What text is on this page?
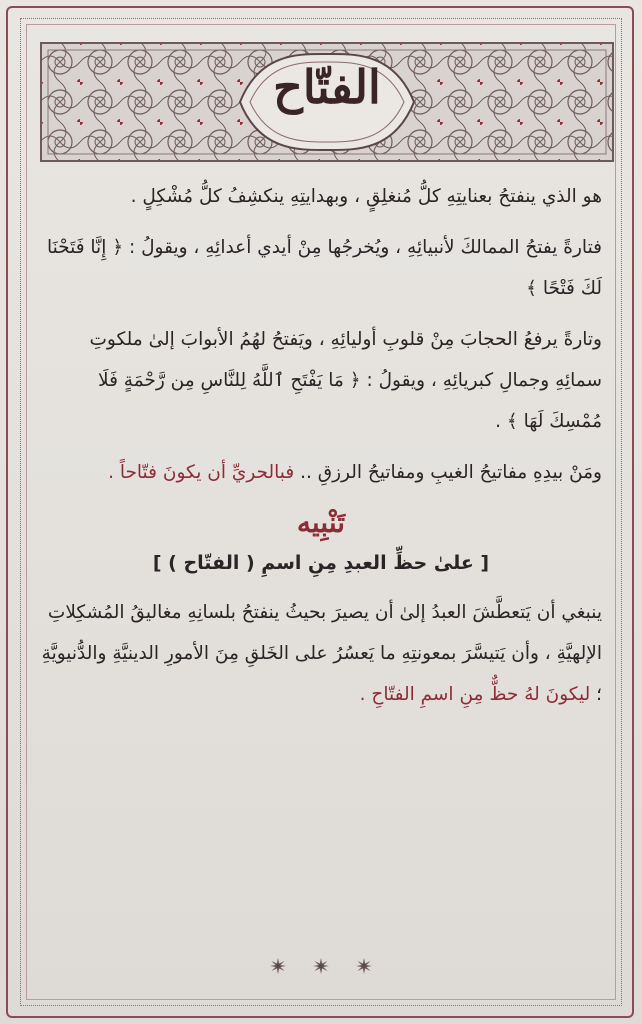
الفتّاح

هو الذي ينفتحُ بعنايتِهِ كلُّ مُنغلِقٍ ، وبهدايتِهِ ينكشِفُ كلُّ مُشْكِلٍ .

فتارةً يفتحُ الممالكَ لأنبيائِهِ ، ويُخرجُها مِنْ أيدي أعدائِهِ ، ويقولُ : ﴿ إِنَّا فَتَحْنَا لَكَ فَتْحًا ﴾

وتارةً يرفعُ الحجابَ مِنْ قلوبِ أوليائِهِ ، ويَفتحُ لهُمُ الأبوابَ إلىٰ ملكوتِ سمائِهِ وجمالِ كبريائِهِ ، ويقولُ : ﴿ مَا يَفْتَحِ ٱللَّهُ لِلنَّاسِ مِن رَّحْمَةٍ فَلَا مُمْسِكَ لَهَا ﴾ .

ومَنْ بيدِهِ مفاتيحُ الغيبِ ومفاتيحُ الرزقِ .. فبالحريِّ أن يكونَ فتّاحاً .

تَنْبِيه
[ علىٰ حظِّ العبدِ مِنِ اسمِ ( الفتّاح ) ]

ينبغي أن يَتعطَّشَ العبدُ إلىٰ أن يصيرَ بحيثُ ينفتحُ بلسانِهِ مغاليقُ المُشكِلاتِ الإلهيَّةِ ، وأن يَتيسَّرَ بمعونتِهِ ما يَعسُرُ على الخَلقِ مِنَ الأمورِ الدينيَّةِ والدُّنيويَّةِ ؛ ليكونَ لهُ حظٌّ مِنِ اسمِ الفتّاحِ .
